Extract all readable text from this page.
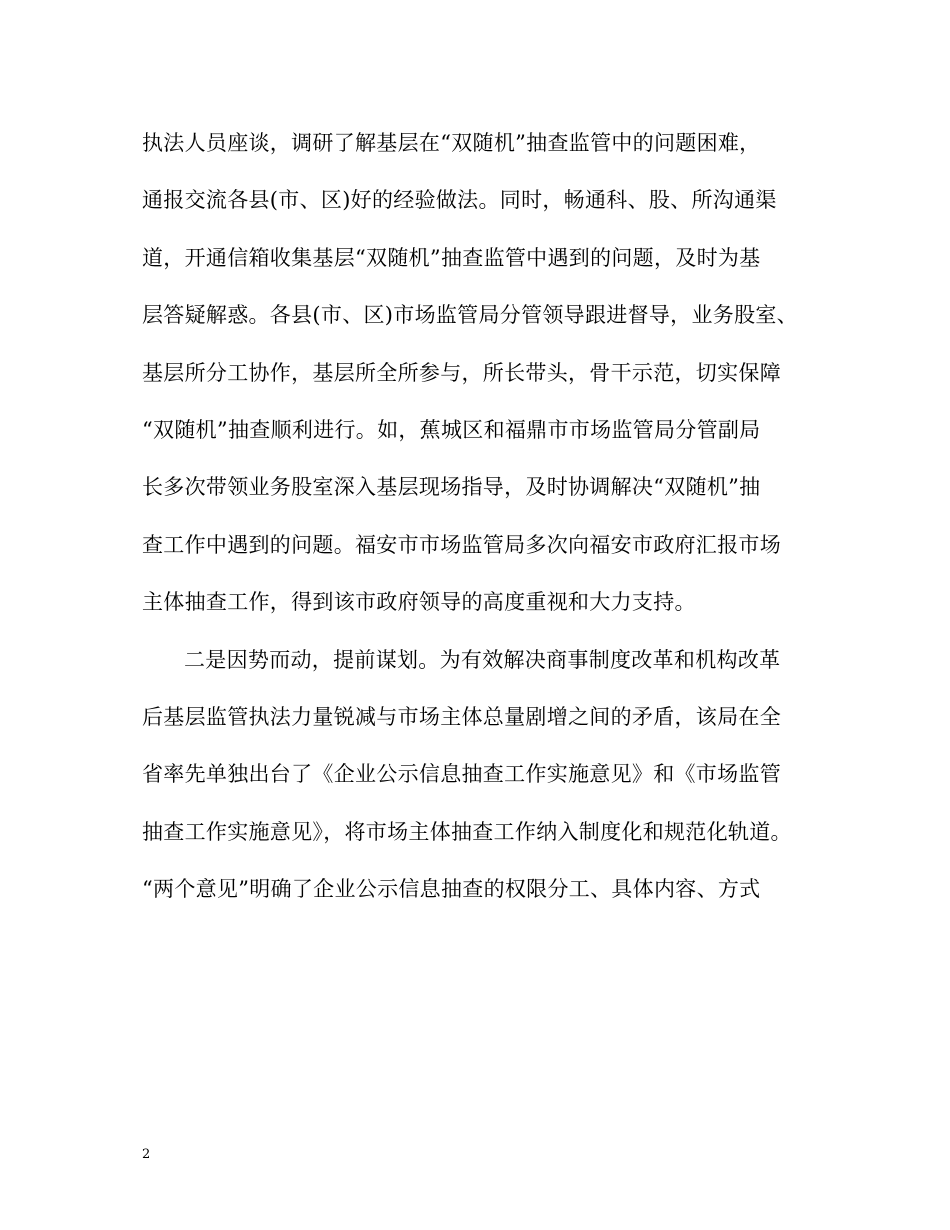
执法人员座谈，调研了解基层在“双随机”抽查监管中的问题困难，
通报交流各县(市、区)好的经验做法。同时，畅通科、股、所沟通渠
道，开通信箱收集基层“双随机”抽查监管中遇到的问题，及时为基
层答疑解惑。各县(市、区)市场监管局分管领导跟进督导，业务股室、
基层所分工协作，基层所全所参与，所长带头，骨干示范，切实保障
“双随机”抽查顺利进行。如，蕉城区和福鼎市市场监管局分管副局
长多次带领业务股室深入基层现场指导，及时协调解决“双随机”抽
查工作中遇到的问题。福安市市场监管局多次向福安市政府汇报市场
主体抽查工作，得到该市政府领导的高度重视和大力支持。
二是因势而动，提前谋划。为有效解决商事制度改革和机构改革
后基层监管执法力量锐减与市场主体总量剧增之间的矛盾，该局在全
省率先单独出台了《企业公示信息抽查工作实施意见》和《市场监管
抽查工作实施意见》，将市场主体抽查工作纳入制度化和规范化轨道。
“两个意见”明确了企业公示信息抽查的权限分工、具体内容、方式
2
